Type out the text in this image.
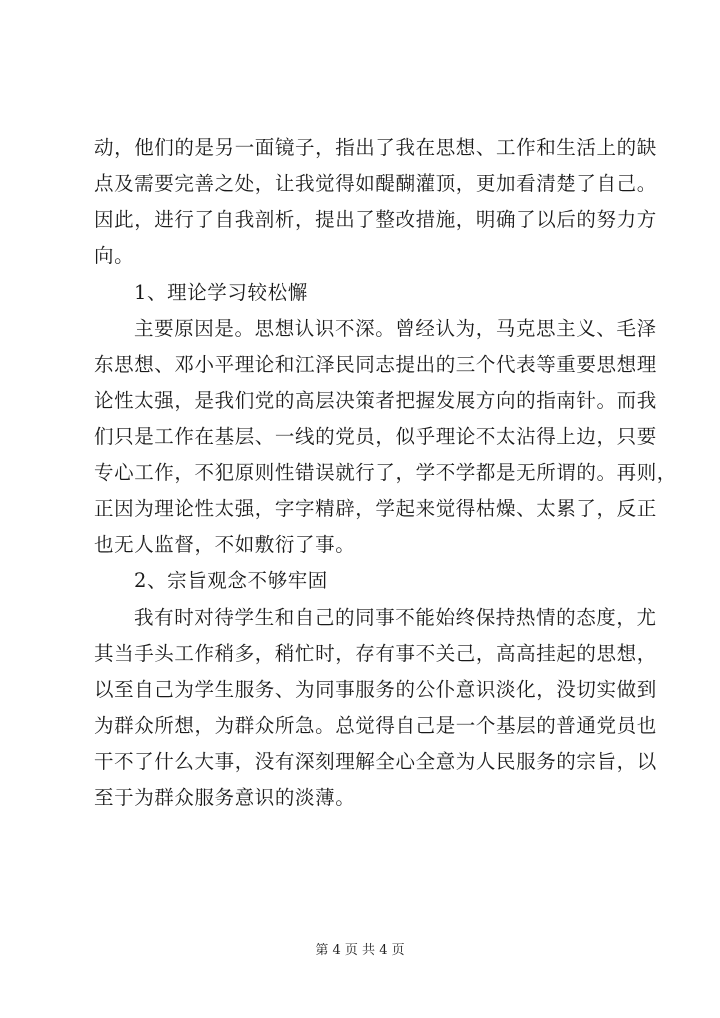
动，他们的是另一面镜子，指出了我在思想、工作和生活上的缺

点及需要完善之处，让我觉得如醍醐灌顶，更加看清楚了自己。

因此，进行了自我剖析，提出了整改措施，明确了以后的努力方

向。

1、理论学习较松懈

主要原因是。思想认识不深。曾经认为，马克思主义、毛泽

东思想、邓小平理论和江泽民同志提出的三个代表等重要思想理

论性太强，是我们党的高层决策者把握发展方向的指南针。而我

们只是工作在基层、一线的党员，似乎理论不太沾得上边，只要

专心工作，不犯原则性错误就行了，学不学都是无所谓的。再则，

正因为理论性太强，字字精辟，学起来觉得枯燥、太累了，反正

也无人监督，不如敷衍了事。

2、宗旨观念不够牢固

我有时对待学生和自己的同事不能始终保持热情的态度，尤

其当手头工作稍多，稍忙时，存有事不关己，高高挂起的思想，

以至自己为学生服务、为同事服务的公仆意识淡化，没切实做到

为群众所想，为群众所急。总觉得自己是一个基层的普通党员也

干不了什么大事，没有深刻理解全心全意为人民服务的宗旨，以

至于为群众服务意识的淡薄。

第 4 页 共 4 页
